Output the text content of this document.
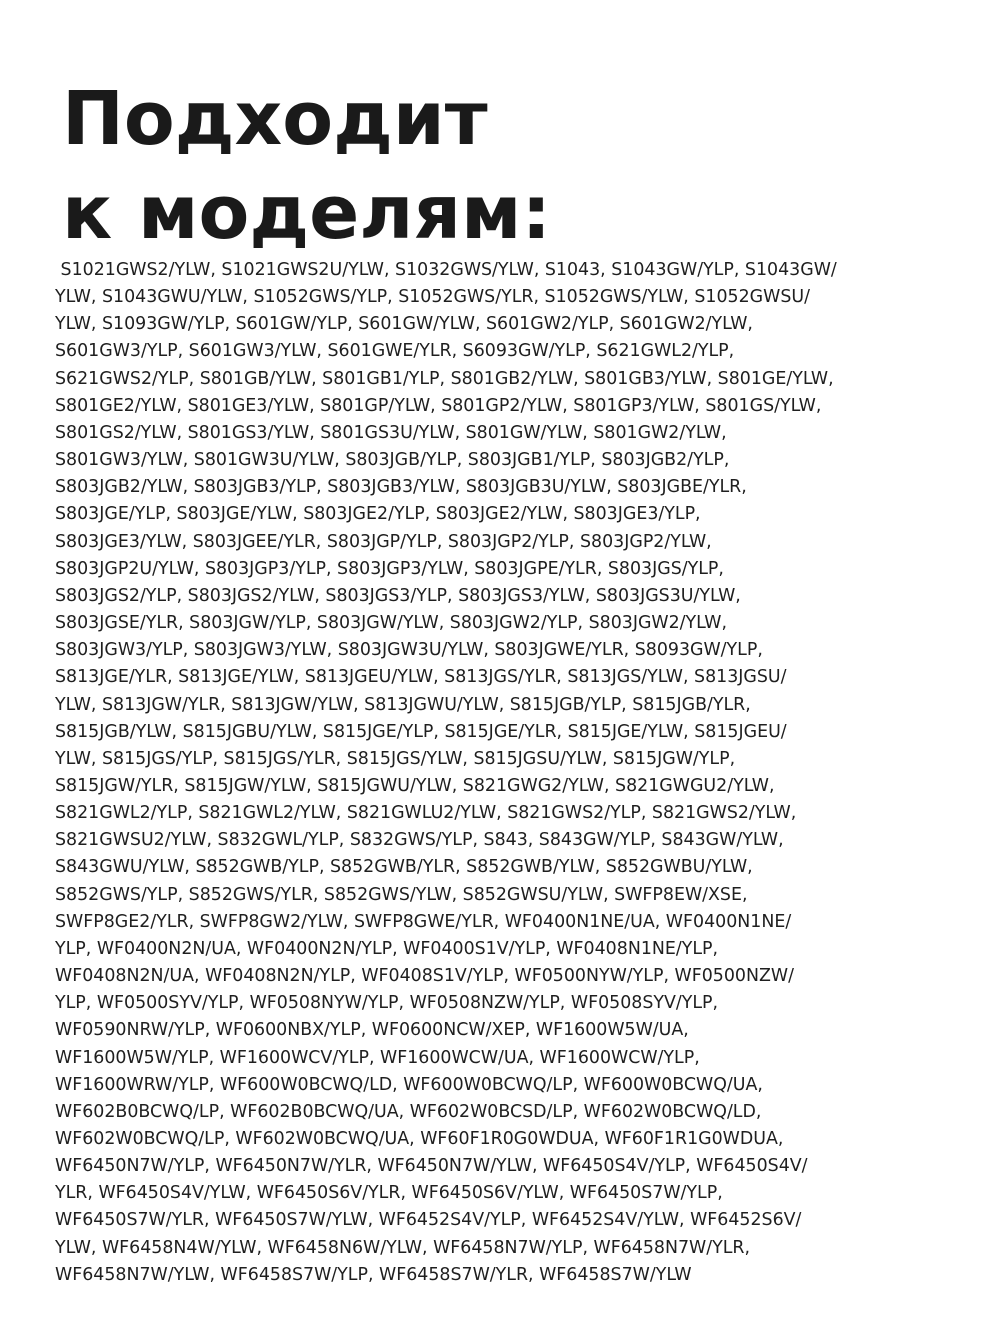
Подходит
к моделям:
S1021GWS2/YLW, S1021GWS2U/YLW, S1032GWS/YLW, S1043, S1043GW/YLP, S1043GW/
YLW, S1043GWU/YLW, S1052GWS/YLP, S1052GWS/YLR, S1052GWS/YLW, S1052GWSU/
YLW, S1093GW/YLP, S601GW/YLP, S601GW/YLW, S601GW2/YLP, S601GW2/YLW,
S601GW3/YLP, S601GW3/YLW, S601GWE/YLR, S6093GW/YLP, S621GWL2/YLP,
S621GWS2/YLP, S801GB/YLW, S801GB1/YLP, S801GB2/YLW, S801GB3/YLW, S801GE/YLW,
S801GE2/YLW, S801GE3/YLW, S801GP/YLW, S801GP2/YLW, S801GP3/YLW, S801GS/YLW,
S801GS2/YLW, S801GS3/YLW, S801GS3U/YLW, S801GW/YLW, S801GW2/YLW,
S801GW3/YLW, S801GW3U/YLW, S803JGB/YLP, S803JGB1/YLP, S803JGB2/YLP,
S803JGB2/YLW, S803JGB3/YLP, S803JGB3/YLW, S803JGB3U/YLW, S803JGBE/YLR,
S803JGE/YLP, S803JGE/YLW, S803JGE2/YLP, S803JGE2/YLW, S803JGE3/YLP,
S803JGE3/YLW, S803JGEE/YLR, S803JGP/YLP, S803JGP2/YLP, S803JGP2/YLW,
S803JGP2U/YLW, S803JGP3/YLP, S803JGP3/YLW, S803JGPE/YLR, S803JGS/YLP,
S803JGS2/YLP, S803JGS2/YLW, S803JGS3/YLP, S803JGS3/YLW, S803JGS3U/YLW,
S803JGSE/YLR, S803JGW/YLP, S803JGW/YLW, S803JGW2/YLP, S803JGW2/YLW,
S803JGW3/YLP, S803JGW3/YLW, S803JGW3U/YLW, S803JGWE/YLR, S8093GW/YLP,
S813JGE/YLR, S813JGE/YLW, S813JGEU/YLW, S813JGS/YLR, S813JGS/YLW, S813JGSU/
YLW, S813JGW/YLR, S813JGW/YLW, S813JGWU/YLW, S815JGB/YLP, S815JGB/YLR,
S815JGB/YLW, S815JGBU/YLW, S815JGE/YLP, S815JGE/YLR, S815JGE/YLW, S815JGEU/
YLW, S815JGS/YLP, S815JGS/YLR, S815JGS/YLW, S815JGSU/YLW, S815JGW/YLP,
S815JGW/YLR, S815JGW/YLW, S815JGWU/YLW, S821GWG2/YLW, S821GWGU2/YLW,
S821GWL2/YLP, S821GWL2/YLW, S821GWLU2/YLW, S821GWS2/YLP, S821GWS2/YLW,
S821GWSU2/YLW, S832GWL/YLP, S832GWS/YLP, S843, S843GW/YLP, S843GW/YLW,
S843GWU/YLW, S852GWB/YLP, S852GWB/YLR, S852GWB/YLW, S852GWBU/YLW,
S852GWS/YLP, S852GWS/YLR, S852GWS/YLW, S852GWSU/YLW, SWFP8EW/XSE,
SWFP8GE2/YLR, SWFP8GW2/YLW, SWFP8GWE/YLR, WF0400N1NE/UA, WF0400N1NE/
YLP, WF0400N2N/UA, WF0400N2N/YLP, WF0400S1V/YLP, WF0408N1NE/YLP,
WF0408N2N/UA, WF0408N2N/YLP, WF0408S1V/YLP, WF0500NYW/YLP, WF0500NZW/
YLP, WF0500SYV/YLP, WF0508NYW/YLP, WF0508NZW/YLP, WF0508SYV/YLP,
WF0590NRW/YLP, WF0600NBX/YLP, WF0600NCW/XEP, WF1600W5W/UA,
WF1600W5W/YLP, WF1600WCV/YLP, WF1600WCW/UA, WF1600WCW/YLP,
WF1600WRW/YLP, WF600W0BCWQ/LD, WF600W0BCWQ/LP, WF600W0BCWQ/UA,
WF602B0BCWQ/LP, WF602B0BCWQ/UA, WF602W0BCSD/LP, WF602W0BCWQ/LD,
WF602W0BCWQ/LP, WF602W0BCWQ/UA, WF60F1R0G0WDUA, WF60F1R1G0WDUA,
WF6450N7W/YLP, WF6450N7W/YLR, WF6450N7W/YLW, WF6450S4V/YLP, WF6450S4V/
YLR, WF6450S4V/YLW, WF6450S6V/YLR, WF6450S6V/YLW, WF6450S7W/YLP,
WF6450S7W/YLR, WF6450S7W/YLW, WF6452S4V/YLP, WF6452S4V/YLW, WF6452S6V/
YLW, WF6458N4W/YLW, WF6458N6W/YLW, WF6458N7W/YLP, WF6458N7W/YLR,
WF6458N7W/YLW, WF6458S7W/YLP, WF6458S7W/YLR, WF6458S7W/YLW
